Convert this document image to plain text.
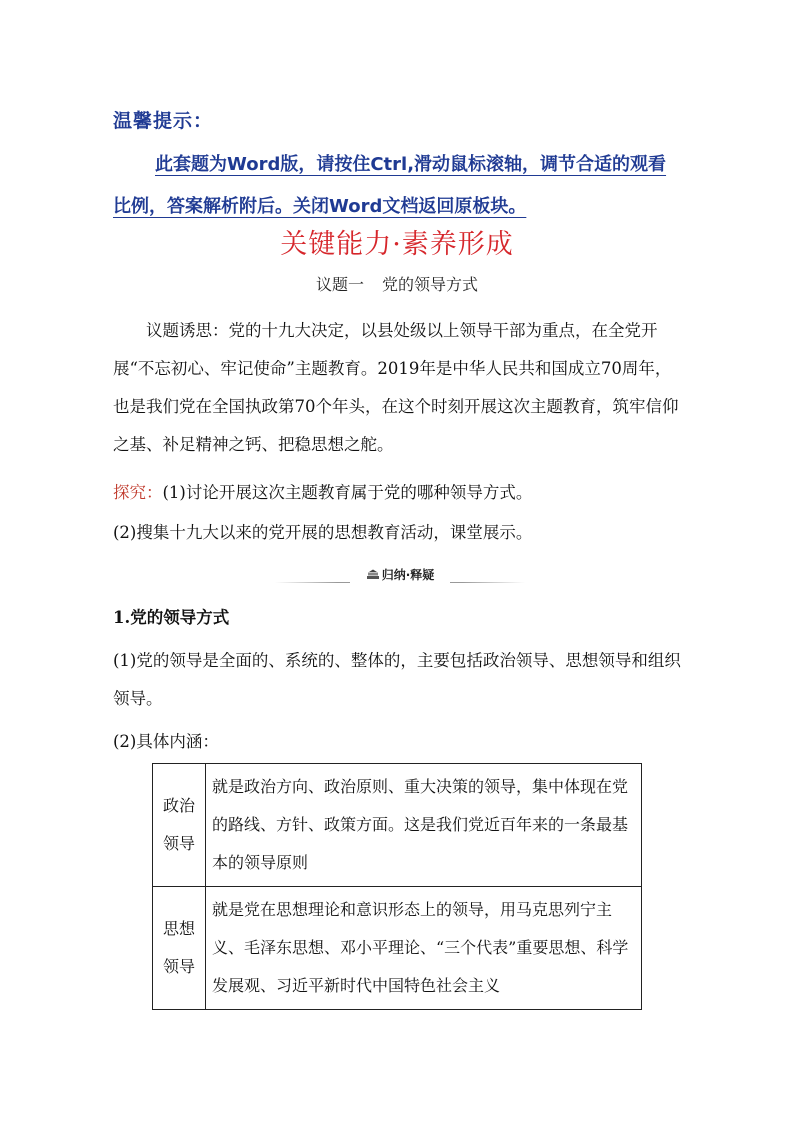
温馨提示：
此套题为Word版，请按住Ctrl,滑动鼠标滚轴，调节合适的观看比例，答案解析附后。关闭Word文档返回原板块。
关键能力·素养形成
议题一 党的领导方式
议题诱思：党的十九大决定，以县处级以上领导干部为重点，在全党开展“不忘初心、牢记使命”主题教育。2019年是中华人民共和国成立70周年，也是我们党在全国执政第70个年头，在这个时刻开展这次主题教育，筑牢信仰之基、补足精神之钙、把稳思想之舵。
探究：(1)讨论开展这次主题教育属于党的哪种领导方式。
(2)搜集十九大以来的党开展的思想教育活动，课堂展示。
归纳·释疑
1.党的领导方式
(1)党的领导是全面的、系统的、整体的，主要包括政治领导、思想领导和组织领导。
(2)具体内涵：
政治
领导	就是政治方向、政治原则、重大决策的领导，集中体现在党的路线、方针、政策方面。这是我们党近百年来的一条最基本的领导原则

思想
领导	就是党在思想理论和意识形态上的领导，用马克思列宁主义、毛泽东思想、邓小平理论、“三个代表”重要思想、科学发展观、习近平新时代中国特色社会主义
